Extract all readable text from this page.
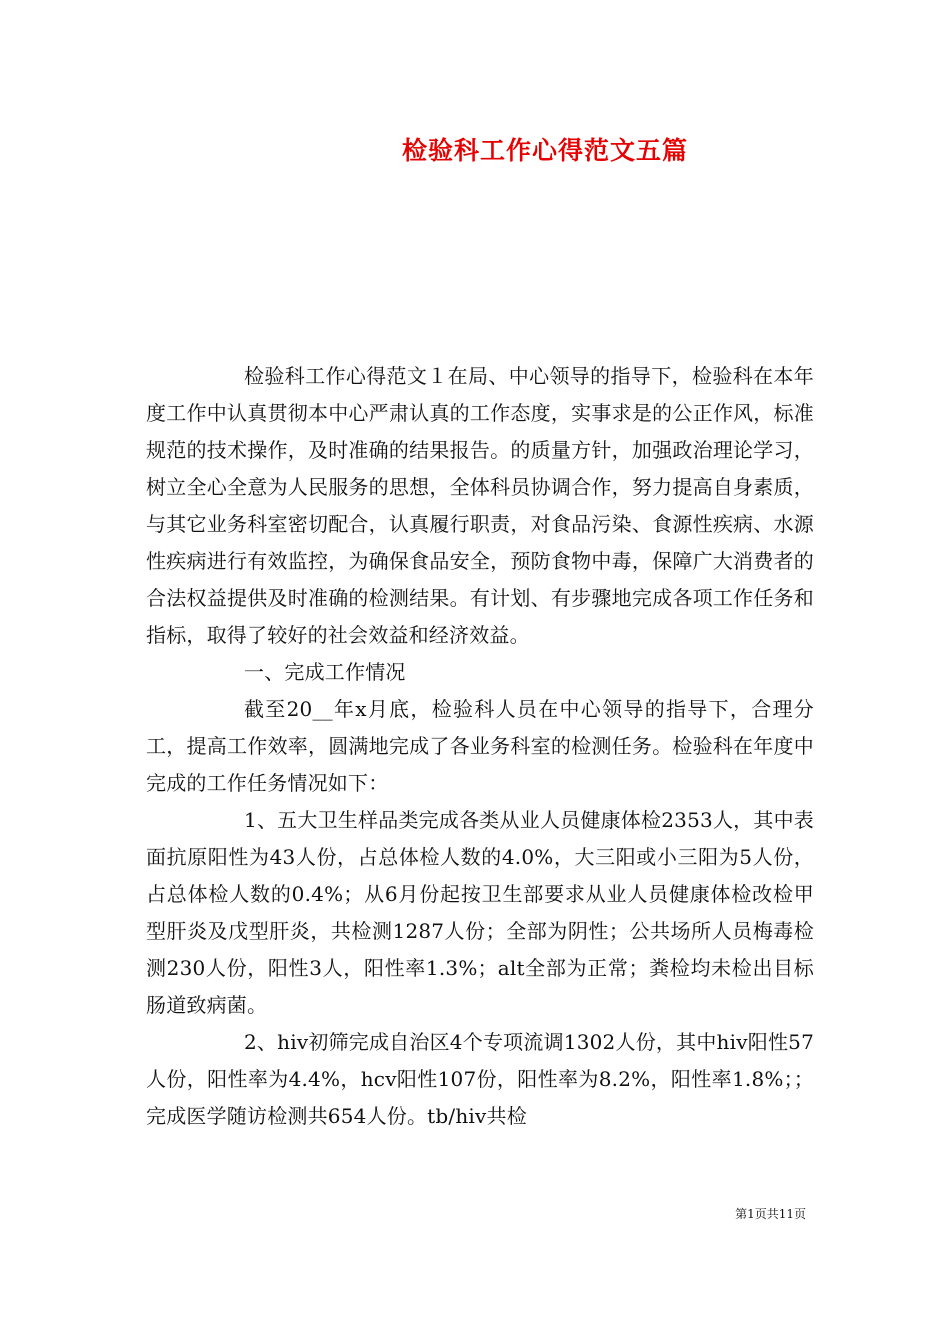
检验科工作心得范文五篇

检验科工作心得范文１在局、中心领导的指导下，检验科在本年度工作中认真贯彻本中心严肃认真的工作态度，实事求是的公正作风，标准规范的技术操作，及时准确的结果报告。的质量方针，加强政治理论学习，树立全心全意为人民服务的思想，全体科员协调合作，努力提高自身素质，与其它业务科室密切配合，认真履行职责，对食品污染、食源性疾病、水源性疾病进行有效监控，为确保食品安全，预防食物中毒，保障广大消费者的合法权益提供及时准确的检测结果。有计划、有步骤地完成各项工作任务和指标，取得了较好的社会效益和经济效益。

一、完成工作情况

截至20__年x月底，检验科人员在中心领导的指导下，合理分工，提高工作效率，圆满地完成了各业务科室的检测任务。检验科在年度中完成的工作任务情况如下：

1、五大卫生样品类完成各类从业人员健康体检2353人，其中表面抗原阳性为43人份，占总体检人数的4.0%，大三阳或小三阳为5人份，占总体检人数的0.4%；从6月份起按卫生部要求从业人员健康体检改检甲型肝炎及戊型肝炎，共检测1287人份；全部为阴性；公共场所人员梅毒检测230人份，阳性3人，阳性率1.3%；alt全部为正常；粪检均未检出目标肠道致病菌。

2、hiv初筛完成自治区4个专项流调1302人份，其中hiv阳性57人份，阳性率为4.4%，hcv阳性107份，阳性率为8.2%，阳性率1.8%；；完成医学随访检测共654人份。tb/hiv共检

第1页共11页
